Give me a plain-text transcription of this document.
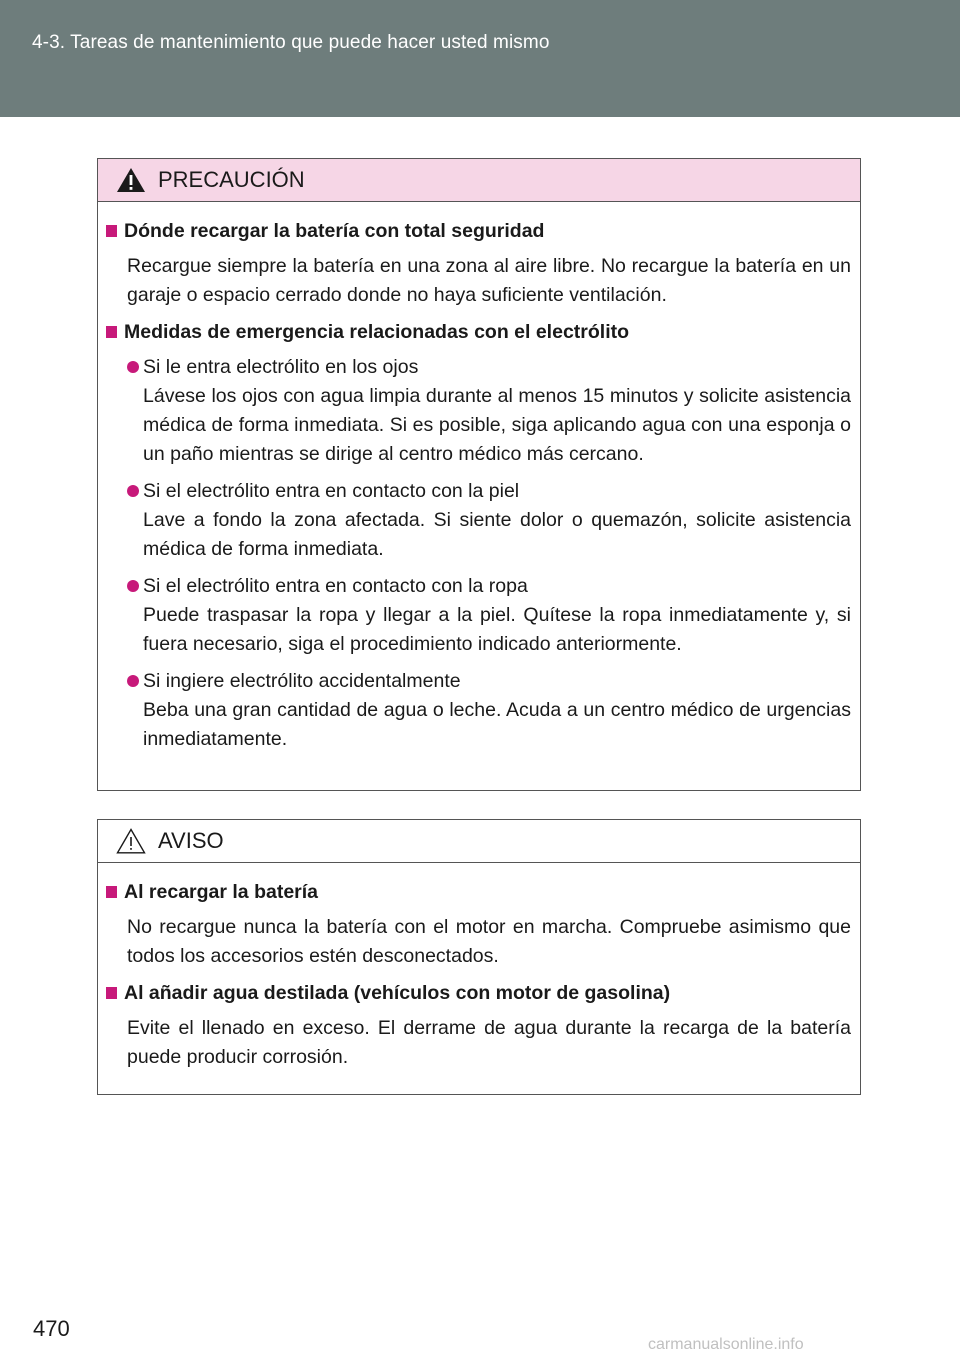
4-3. Tareas de mantenimiento que puede hacer usted mismo
PRECAUCIÓN
Dónde recargar la batería con total seguridad
Recargue siempre la batería en una zona al aire libre. No recargue la batería en un garaje o espacio cerrado donde no haya suficiente ventilación.
Medidas de emergencia relacionadas con el electrólito
Si le entra electrólito en los ojos
Lávese los ojos con agua limpia durante al menos 15 minutos y solicite asistencia médica de forma inmediata. Si es posible, siga aplicando agua con una esponja o un paño mientras se dirige al centro médico más cercano.
Si el electrólito entra en contacto con la piel
Lave a fondo la zona afectada. Si siente dolor o quemazón, solicite asistencia médica de forma inmediata.
Si el electrólito entra en contacto con la ropa
Puede traspasar la ropa y llegar a la piel. Quítese la ropa inmediatamente y, si fuera necesario, siga el procedimiento indicado anteriormente.
Si ingiere electrólito accidentalmente
Beba una gran cantidad de agua o leche. Acuda a un centro médico de urgencias inmediatamente.
AVISO
Al recargar la batería
No recargue nunca la batería con el motor en marcha. Compruebe asimismo que todos los accesorios estén desconectados.
Al añadir agua destilada (vehículos con motor de gasolina)
Evite el llenado en exceso. El derrame de agua durante la recarga de la batería puede producir corrosión.
470
carmanualsonline.info
